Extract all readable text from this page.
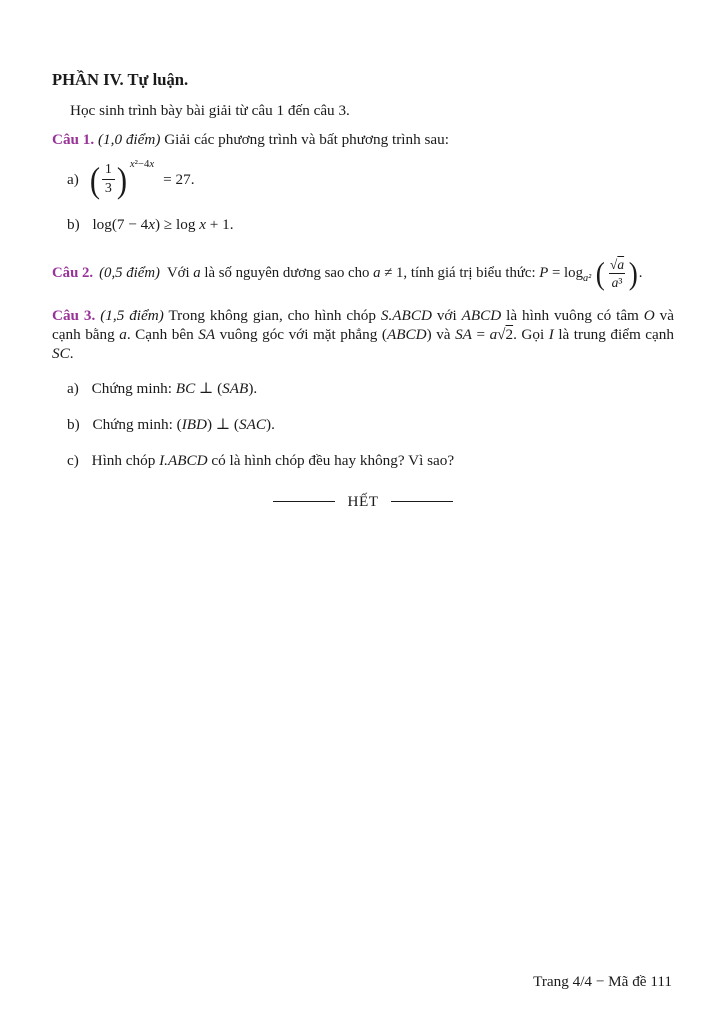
PHẦN IV. Tự luận.

Học sinh trình bày bài giải từ câu 1 đến câu 3.

Câu 1. (1,0 điểm) Giải các phương trình và bất phương trình sau:

a) ( $\frac{1}{3}$ ) x²−4x
= 27.

b) log(7 − 4x) ≥ log x + 1.

Câu 2. (0,5 điểm) Với a là số nguyên dương sao cho a ≠ 1, tính giá trị biểu thức: $P = \log_{a^2}$ ( $\frac{√a}{\text{a³}}$ ) .

Câu 3. (1,5 điểm) Trong không gian, cho hình chóp S.ABCD với ABCD là hình vuông có tâm O và cạnh bằng a. Cạnh bên SA vuông góc với mặt phẳng (ABCD) và SA = a√2. Gọi I là trung điểm cạnh SC.

a) Chứng minh: BC ⊥ (SAB).

b) Chứng minh: (IBD) ⊥ (SAC).

c) Hình chóp I.ABCD có là hình chóp đều hay không? Vì sao?

HẾT
Trang 4/4 − Mã đề 111
